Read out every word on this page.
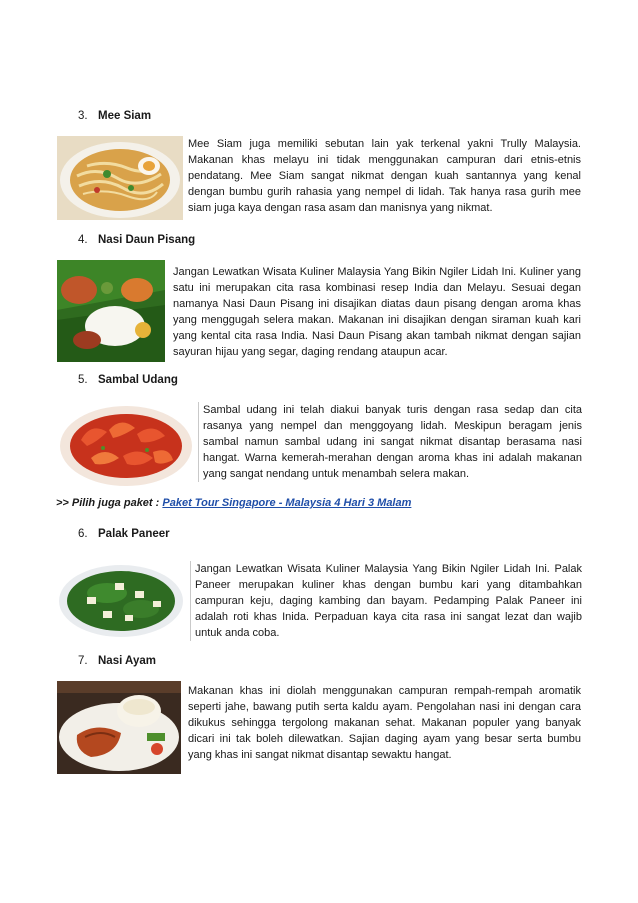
3. Mee Siam
Mee Siam juga memiliki sebutan lain yak terkenal yakni Trully Malaysia. Makanan khas melayu ini tidak menggunakan campuran dari etnis-etnis pendatang. Mee Siam sangat nikmat dengan kuah santannya yang kenal dengan bumbu gurih rahasia yang nempel di lidah. Tak hanya rasa gurih mee siam juga kaya dengan rasa asam dan manisnya yang nikmat.
4. Nasi Daun Pisang
Jangan Lewatkan Wisata Kuliner Malaysia Yang Bikin Ngiler Lidah Ini. Kuliner yang satu ini merupakan cita rasa kombinasi resep India dan Melayu. Sesuai degan namanya Nasi Daun Pisang ini disajikan diatas daun pisang dengan aroma khas yang menggugah selera makan. Makanan ini disajikan dengan siraman kuah kari yang kental cita rasa India. Nasi Daun Pisang akan tambah nikmat dengan sajian sayuran hijau yang segar, daging rendang ataupun acar.
5. Sambal Udang
Sambal udang ini telah diakui banyak turis dengan rasa sedap dan cita rasanya yang nempel dan menggoyang lidah. Meskipun beragam jenis sambal namun sambal udang ini sangat nikmat disantap berasama nasi hangat. Warna kemerah-merahan dengan aroma khas ini adalah makanan yang sangat nendang untuk menambah selera makan.
>> Pilih juga paket : Paket Tour Singapore - Malaysia 4 Hari 3 Malam
6. Palak Paneer
Jangan Lewatkan Wisata Kuliner Malaysia Yang Bikin Ngiler Lidah Ini. Palak Paneer merupakan kuliner khas dengan bumbu kari yang ditambahkan campuran keju, daging kambing dan bayam. Pedamping Palak Paneer ini adalah roti khas Inida. Perpaduan kaya cita rasa ini sangat lezat dan wajib untuk anda coba.
7. Nasi Ayam
Makanan khas ini diolah menggunakan campuran rempah-rempah aromatik seperti jahe, bawang putih serta kaldu ayam. Pengolahan nasi ini dengan cara dikukus sehingga tergolong makanan sehat. Makanan populer yang banyak dicari ini tak boleh dilewatkan. Sajian daging ayam yang besar serta bumbu yang khas ini sangat nikmat disantap sewaktu hangat.
